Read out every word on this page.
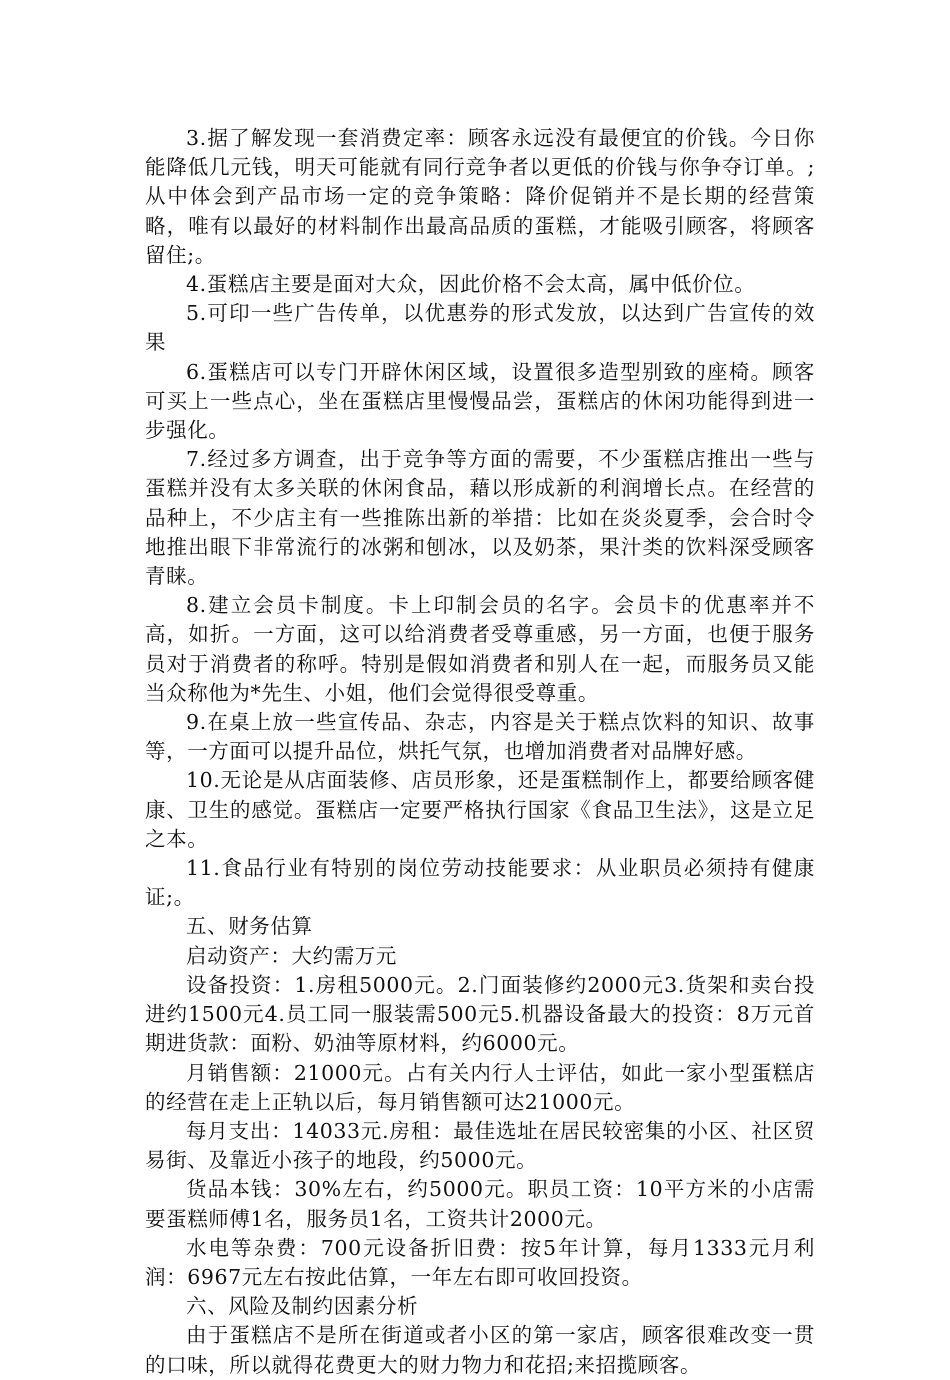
3.据了解发现一套消费定率：顾客永远没有最便宜的价钱。今日你能降低几元钱，明天可能就有同行竞争者以更低的价钱与你争夺订单。;从中体会到产品市场一定的竞争策略：降价促销并不是长期的经营策略，唯有以最好的材料制作出最高品质的蛋糕，才能吸引顾客，将顾客留住;。

4.蛋糕店主要是面对大众，因此价格不会太高，属中低价位。

5.可印一些广告传单，以优惠券的形式发放，以达到广告宣传的效果

6.蛋糕店可以专门开辟休闲区域，设置很多造型别致的座椅。顾客可买上一些点心，坐在蛋糕店里慢慢品尝，蛋糕店的休闲功能得到进一步强化。

7.经过多方调查，出于竞争等方面的需要，不少蛋糕店推出一些与蛋糕并没有太多关联的休闲食品，藉以形成新的利润增长点。在经营的品种上，不少店主有一些推陈出新的举措：比如在炎炎夏季，会合时令地推出眼下非常流行的冰粥和刨冰，以及奶茶，果汁类的饮料深受顾客青睐。

8.建立会员卡制度。卡上印制会员的名字。会员卡的优惠率并不高，如折。一方面，这可以给消费者受尊重感，另一方面，也便于服务员对于消费者的称呼。特别是假如消费者和别人在一起，而服务员又能当众称他为*先生、小姐，他们会觉得很受尊重。

9.在桌上放一些宣传品、杂志，内容是关于糕点饮料的知识、故事等，一方面可以提升品位，烘托气氛，也增加消费者对品牌好感。

10.无论是从店面装修、店员形象，还是蛋糕制作上，都要给顾客健康、卫生的感觉。蛋糕店一定要严格执行国家《食品卫生法》，这是立足之本。

11.食品行业有特别的岗位劳动技能要求：从业职员必须持有健康证;。

五、财务估算

启动资产：大约需万元

设备投资：1.房租5000元。2.门面装修约2000元3.货架和卖台投进约1500元4.员工同一服装需500元5.机器设备最大的投资：8万元首期进货款：面粉、奶油等原材料，约6000元。

月销售额：21000元。占有关内行人士评估，如此一家小型蛋糕店的经营在走上正轨以后，每月销售额可达21000元。

每月支出：14033元.房租：最佳选址在居民较密集的小区、社区贸易街、及靠近小孩子的地段，约5000元。

货品本钱：30%左右，约5000元。职员工资：10平方米的小店需要蛋糕师傅1名，服务员1名，工资共计2000元。

水电等杂费：700元设备折旧费：按5年计算，每月1333元月利润：6967元左右按此估算，一年左右即可收回投资。

六、风险及制约因素分析

由于蛋糕店不是所在街道或者小区的第一家店，顾客很难改变一贯的口味，所以就得花费更大的财力物力和花招;来招揽顾客。
